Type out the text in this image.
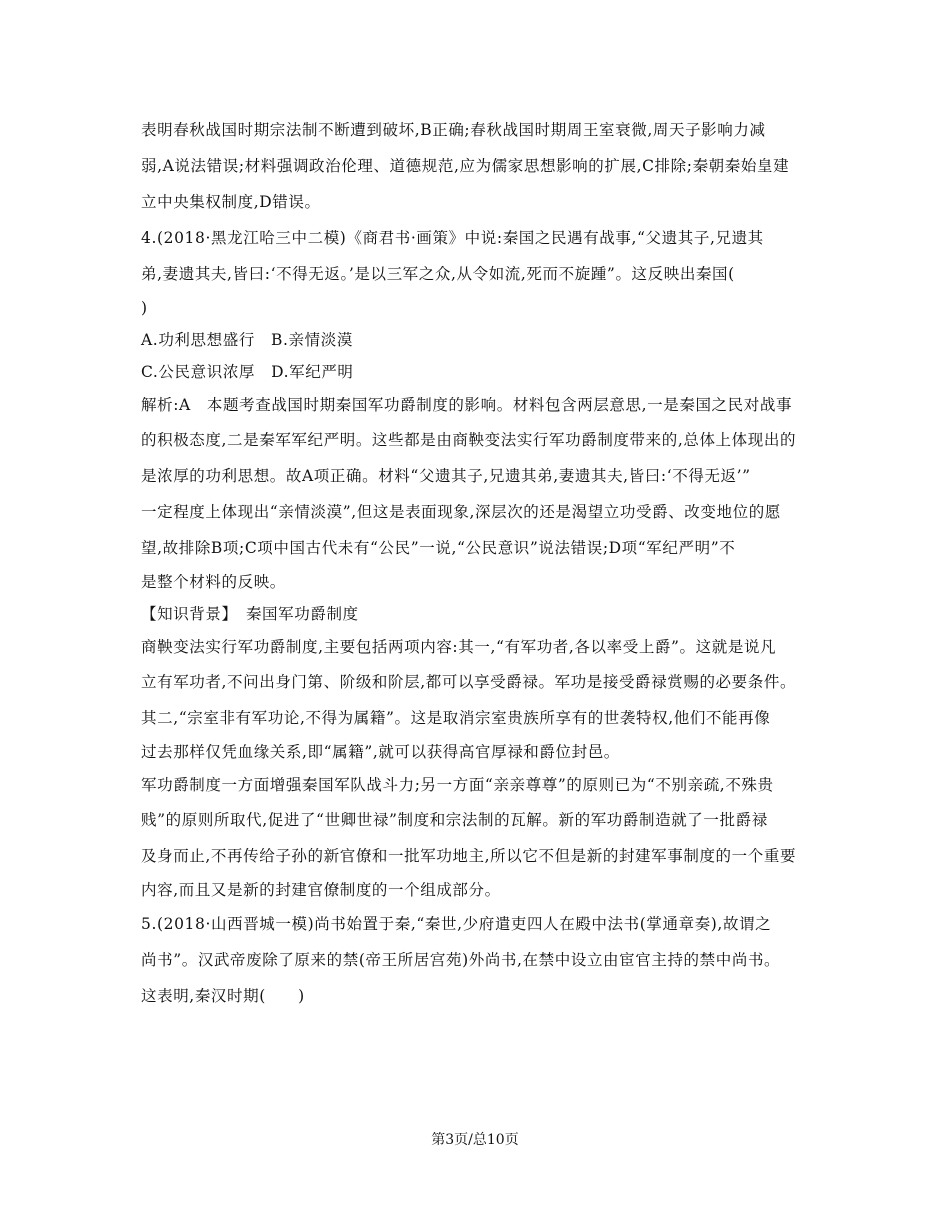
表明春秋战国时期宗法制不断遭到破坏,B正确;春秋战国时期周王室衰微,周天子影响力减
弱,A说法错误;材料强调政治伦理、道德规范,应为儒家思想影响的扩展,C排除;秦朝秦始皇建
立中央集权制度,D错误。
4.(2018·黑龙江哈三中二模)《商君书·画策》中说:秦国之民遇有战事,“父遗其子,兄遗其
弟,妻遗其夫,皆曰:‘不得无返。’是以三军之众,从令如流,死而不旋踵”。这反映出秦国(
)
A.功利思想盛行　B.亲情淡漠
C.公民意识浓厚　D.军纪严明
解析:A　本题考查战国时期秦国军功爵制度的影响。材料包含两层意思,一是秦国之民对战事
的积极态度,二是秦军军纪严明。这些都是由商鞅变法实行军功爵制度带来的,总体上体现出的
是浓厚的功利思想。故A项正确。材料“父遗其子,兄遗其弟,妻遗其夫,皆曰:‘不得无返’”
一定程度上体现出“亲情淡漠”,但这是表面现象,深层次的还是渴望立功受爵、改变地位的愿
望,故排除B项;C项中国古代未有“公民”一说,“公民意识”说法错误;D项“军纪严明”不
是整个材料的反映。
【知识背景】　秦国军功爵制度
商鞅变法实行军功爵制度,主要包括两项内容:其一,“有军功者,各以率受上爵”。这就是说凡
立有军功者,不问出身门第、阶级和阶层,都可以享受爵禄。军功是接受爵禄赏赐的必要条件。
其二,“宗室非有军功论,不得为属籍”。这是取消宗室贵族所享有的世袭特权,他们不能再像
过去那样仅凭血缘关系,即“属籍”,就可以获得高官厚禄和爵位封邑。
军功爵制度一方面增强秦国军队战斗力;另一方面“亲亲尊尊”的原则已为“不别亲疏,不殊贵
贱”的原则所取代,促进了“世卿世禄”制度和宗法制的瓦解。新的军功爵制造就了一批爵禄
及身而止,不再传给子孙的新官僚和一批军功地主,所以它不但是新的封建军事制度的一个重要
内容,而且又是新的封建官僚制度的一个组成部分。
5.(2018·山西晋城一模)尚书始置于秦,“秦世,少府遣吏四人在殿中法书(掌通章奏),故谓之
尚书”。汉武帝废除了原来的禁(帝王所居宫苑)外尚书,在禁中设立由宦官主持的禁中尚书。
这表明,秦汉时期(　　)
第3页/总10页
